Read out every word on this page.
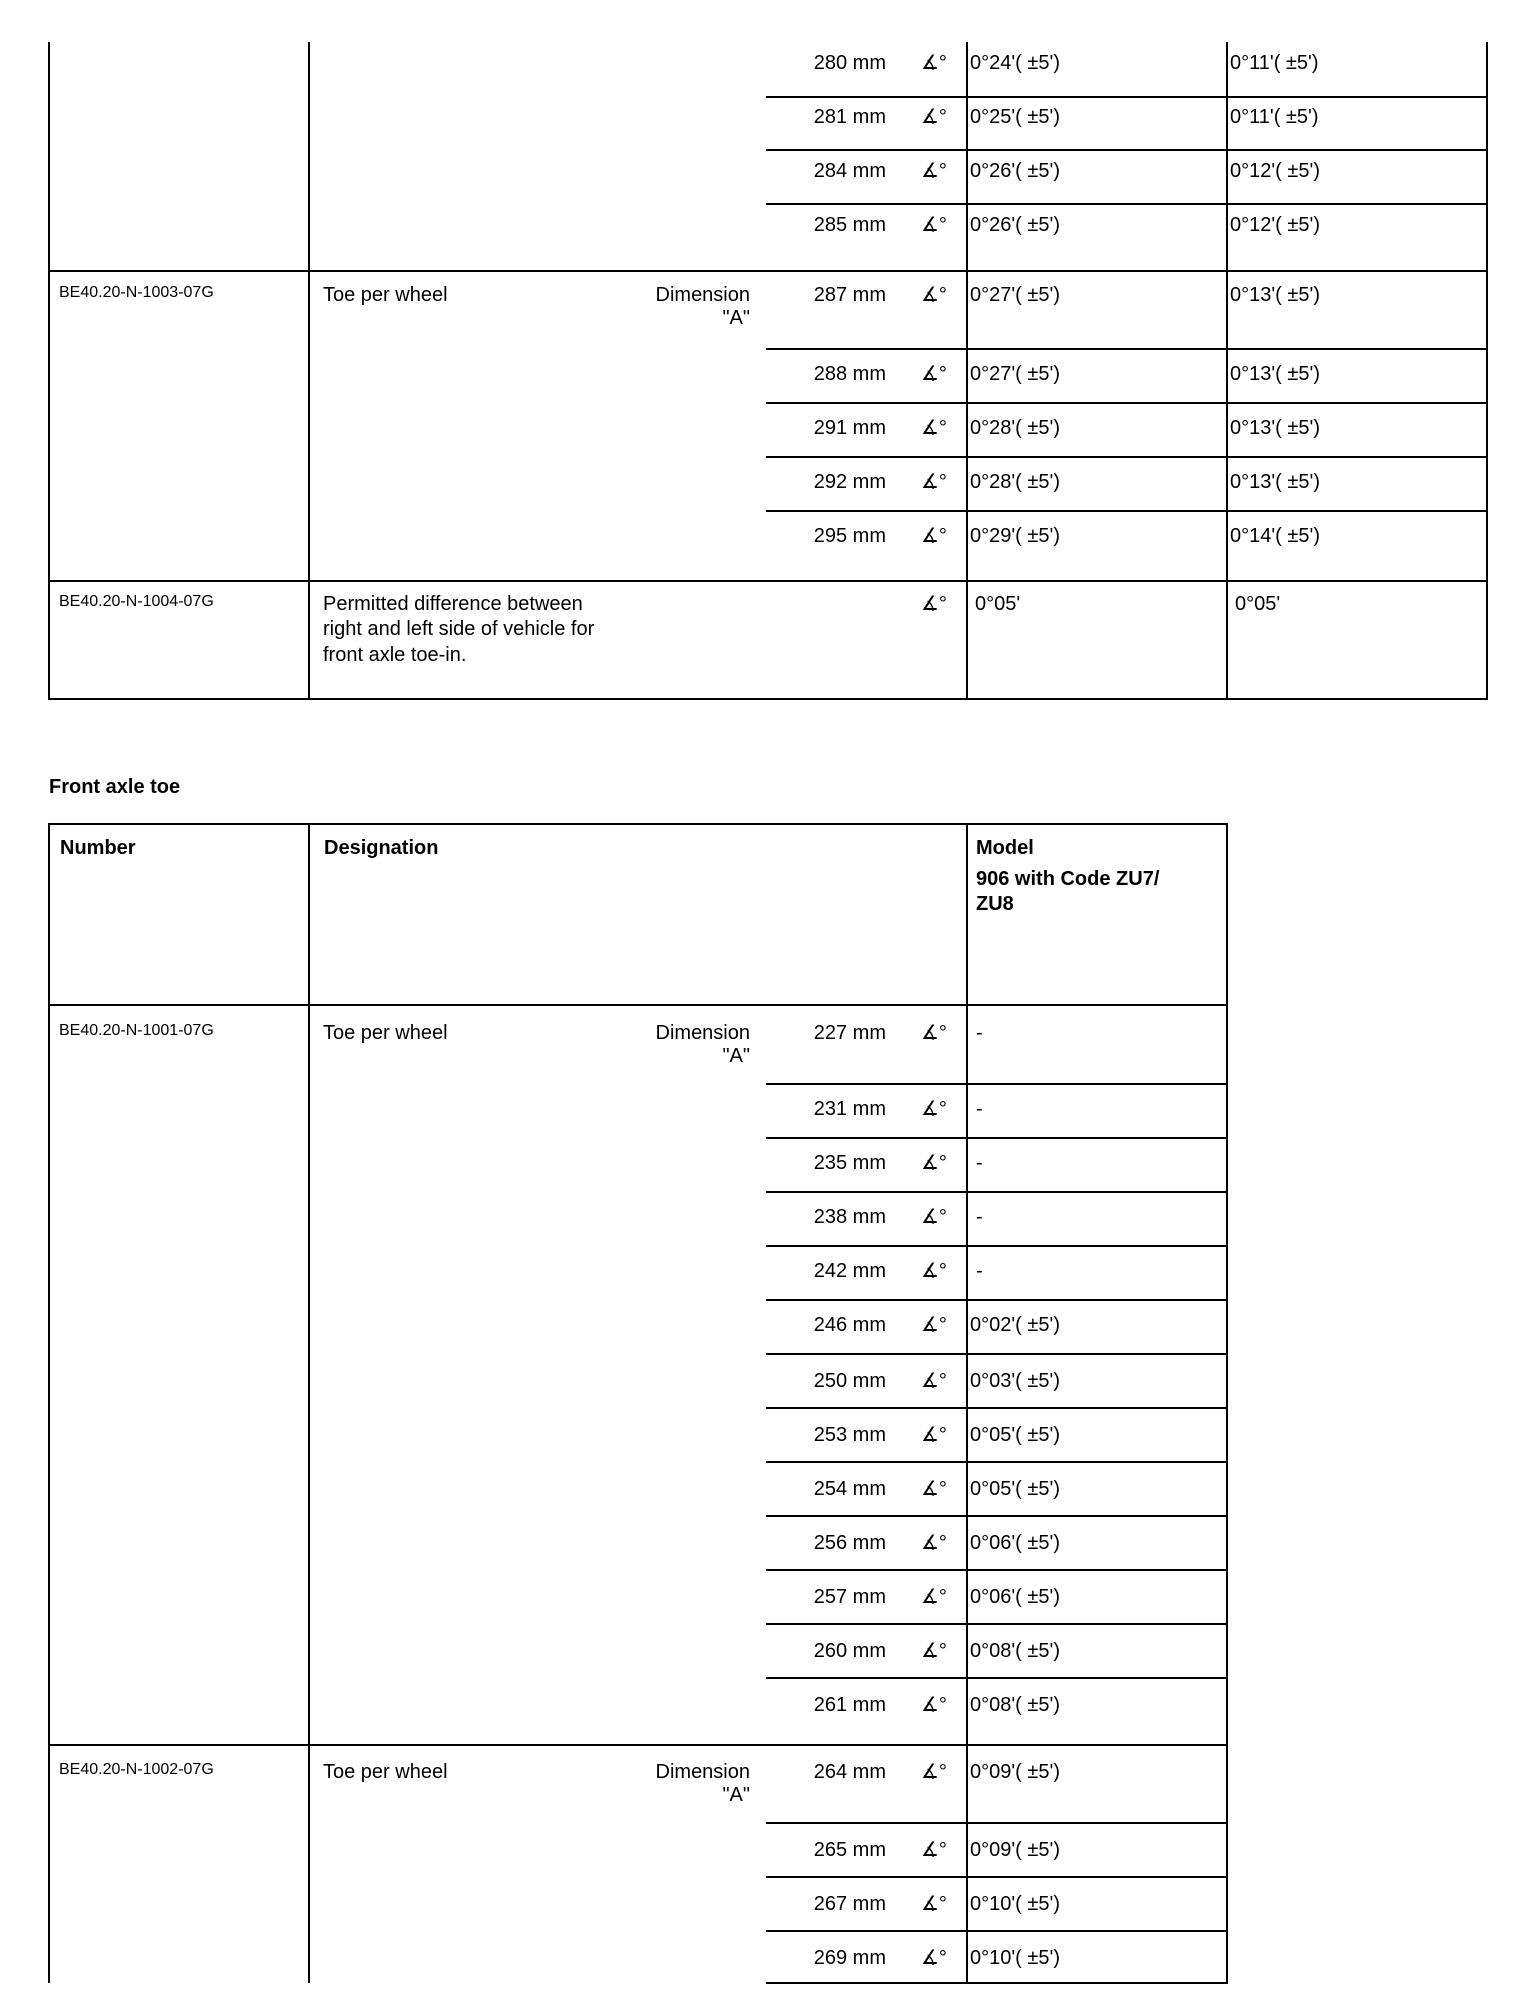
280 mm ∡° 0°24'( ±5')	0°11'( ±5')
281 mm ∡° 0°25'( ±5')	0°11'( ±5')
284 mm ∡° 0°26'( ±5')	0°12'( ±5')
285 mm ∡° 0°26'( ±5')	0°12'( ±5')
BE40.20-N-1003-07G	Toe per wheel	Dimension
"A"
287 mm ∡° 0°27'( ±5')	0°13'( ±5')
288 mm ∡° 0°27'( ±5')	0°13'( ±5')
291 mm ∡° 0°28'( ±5')	0°13'( ±5')
292 mm ∡° 0°28'( ±5')	0°13'( ±5')
295 mm ∡° 0°29'( ±5')	0°14'( ±5')
BE40.20-N-1004-07G	Permitted difference between
right and left side of vehicle for
front axle toe-in.
∡° 0°05'	0°05'
Front axle toe
Number	Designation	Model
906 with Code ZU7/
ZU8
BE40.20-N-1001-07G	Toe per wheel	Dimension
"A"
227 mm ∡° -
231 mm ∡° -
235 mm ∡° -
238 mm ∡° -
242 mm ∡° -
246 mm ∡° 0°02'( ±5')
250 mm ∡° 0°03'( ±5')
253 mm ∡° 0°05'( ±5')
254 mm ∡° 0°05'( ±5')
256 mm ∡° 0°06'( ±5')
257 mm ∡° 0°06'( ±5')
260 mm ∡° 0°08'( ±5')
261 mm ∡° 0°08'( ±5')
BE40.20-N-1002-07G	Toe per wheel	Dimension
"A"
264 mm ∡° 0°09'( ±5')
265 mm ∡° 0°09'( ±5')
267 mm ∡° 0°10'( ±5')
269 mm ∡° 0°10'( ±5')
